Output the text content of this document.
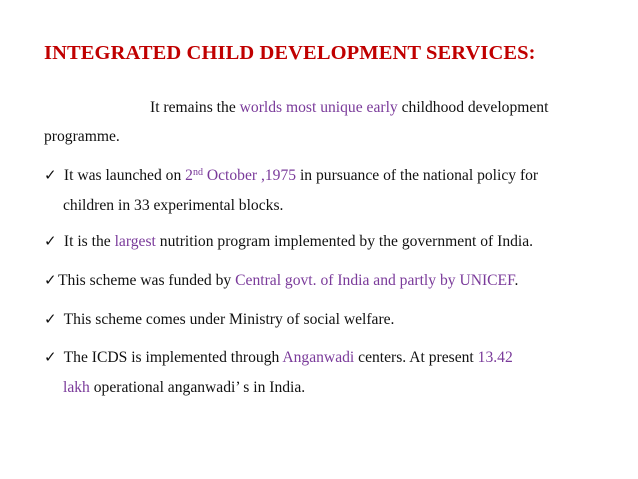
INTEGRATED CHILD DEVELOPMENT SERVICES:
It remains the worlds most unique early childhood development
programme.
✓ It was launched on 2nd October ,1975 in pursuance of the national policy for
children in 33 experimental blocks.
✓ It is the largest nutrition program implemented by the government of India.
✓This scheme was funded by Central govt. of India and partly by UNICEF.
✓ This scheme comes under Ministry of social welfare.
✓ The ICDS is implemented through Anganwadi centers. At present 13.42
lakh operational anganwadi’ s in India.
